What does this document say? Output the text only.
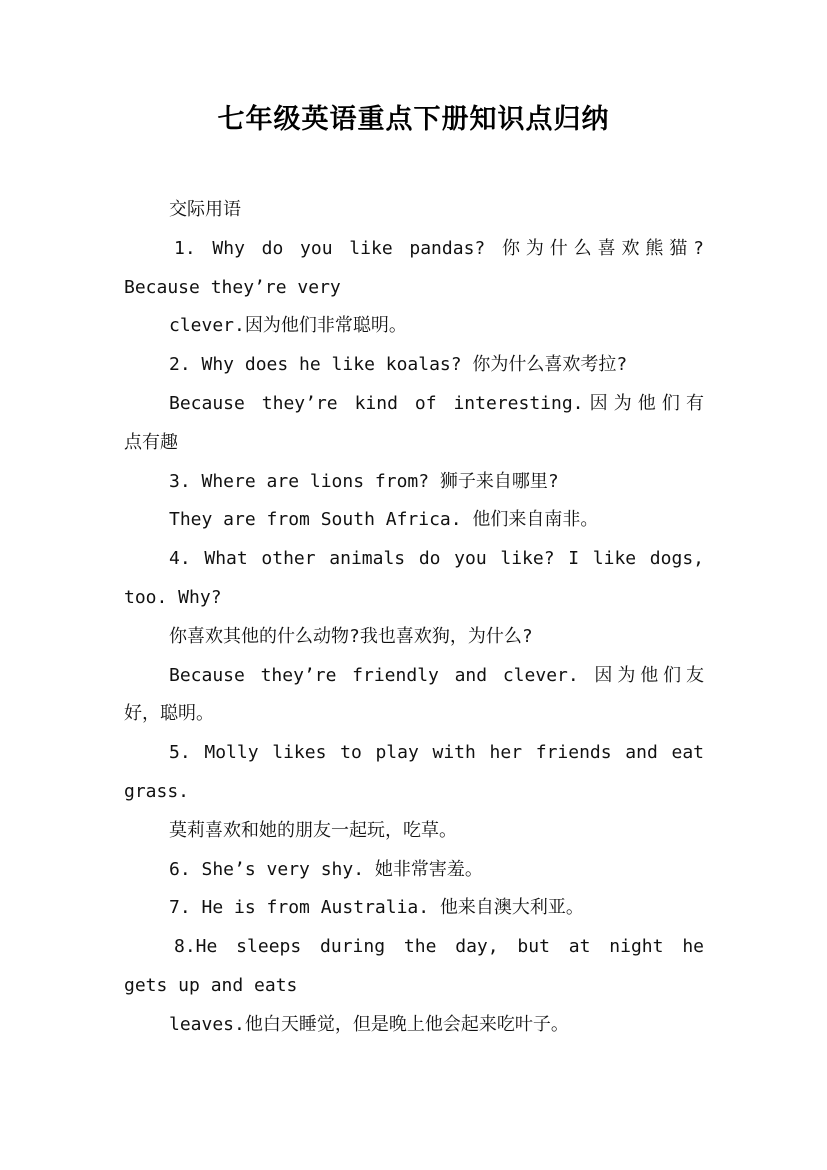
七年级英语重点下册知识点归纳
交际用语
1. Why do you like pandas? 你为什么喜欢熊猫?
Because they’re very
clever.因为他们非常聪明。
2. Why does he like koalas? 你为什么喜欢考拉?
Because they’re kind of interesting.因为他们有
点有趣
3. Where are lions from? 狮子来自哪里?
They are from South Africa. 他们来自南非。
4. What other animals do you like? I like dogs,
too. Why?
你喜欢其他的什么动物?我也喜欢狗，为什么?
Because they’re friendly and clever. 因为他们友
好，聪明。
5. Molly likes to play with her friends and eat
grass.
莫莉喜欢和她的朋友一起玩，吃草。
6. She’s very shy. 她非常害羞。
7. He is from Australia. 他来自澳大利亚。
8.He sleeps during the day, but at night he
gets up and eats
leaves.他白天睡觉，但是晚上他会起来吃叶子。
